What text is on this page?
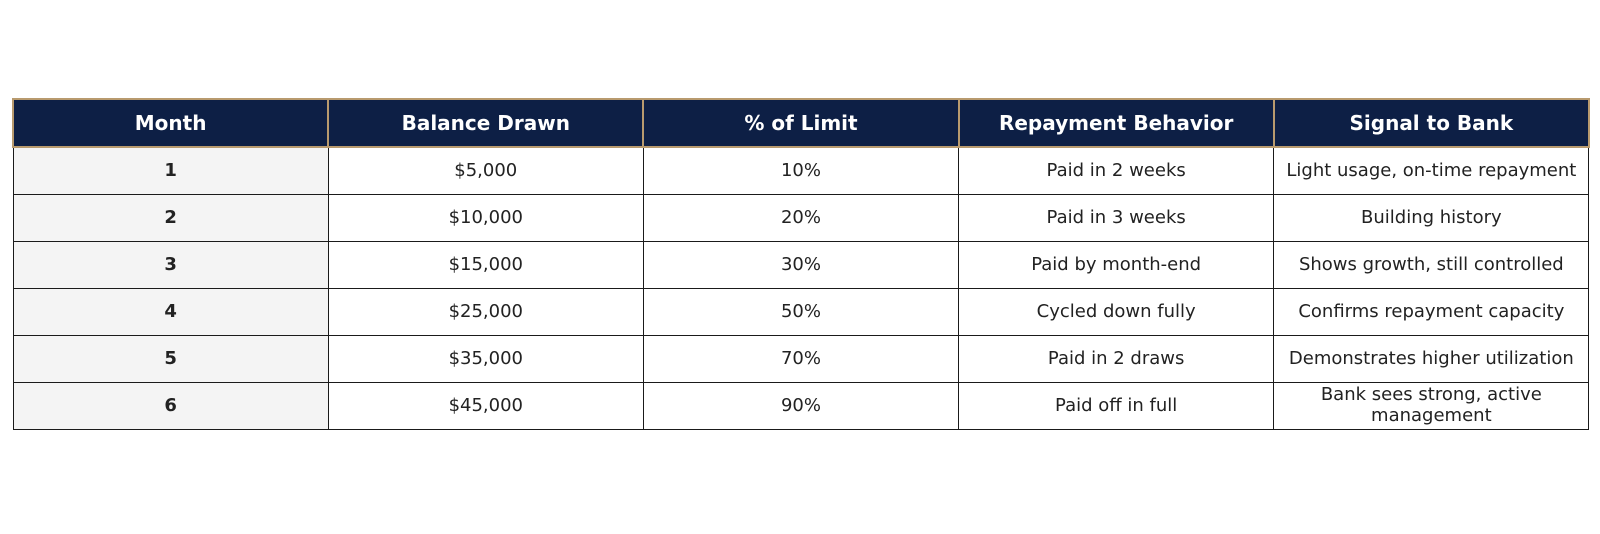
Month	Balance Drawn	% of Limit	Repayment Behavior	Signal to Bank
1	$5,000	10%	Paid in 2 weeks	Light usage, on-time repayment
2	$10,000	20%	Paid in 3 weeks	Building history
3	$15,000	30%	Paid by month-end	Shows growth, still controlled
4	$25,000	50%	Cycled down fully	Confirms repayment capacity
5	$35,000	70%	Paid in 2 draws	Demonstrates higher utilization
6	$45,000	90%	Paid off in full	Bank sees strong, active management
